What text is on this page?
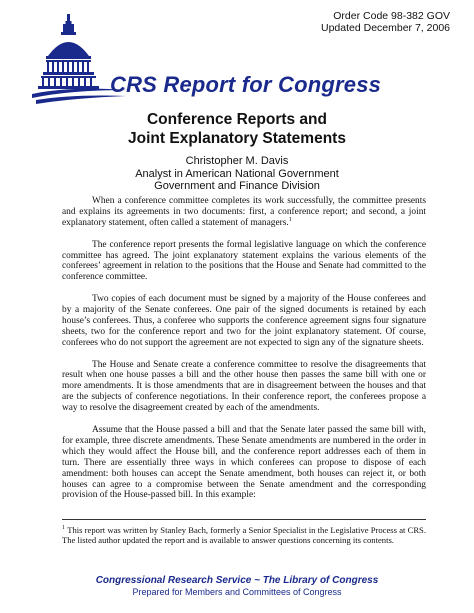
Order Code 98-382 GOV
Updated December 7, 2006
CRS Report for Congress
Conference Reports and
Joint Explanatory Statements
Christopher M. Davis
Analyst in American National Government
Government and Finance Division

When a conference committee completes its work successfully, the committee presents and explains its agreements in two documents: first, a conference report; and second, a joint explanatory statement, often called a statement of managers.$^1$

The conference report presents the formal legislative language on which the conference committee has agreed. The joint explanatory statement explains the various elements of the conferees’ agreement in relation to the positions that the House and Senate had committed to the conference committee.

Two copies of each document must be signed by a majority of the House conferees and by a majority of the Senate conferees. One pair of the signed documents is retained by each house’s conferees. Thus, a conferee who supports the conference agreement signs four signature sheets, two for the conference report and two for the joint explanatory statement. Of course, conferees who do not support the agreement are not expected to sign any of the signature sheets.

The House and Senate create a conference committee to resolve the disagreements that result when one house passes a bill and the other house then passes the same bill with one or more amendments. It is those amendments that are in disagreement between the houses and that are the subjects of conference negotiations. In their conference report, the conferees propose a way to resolve the disagreement created by each of the amendments.

Assume that the House passed a bill and that the Senate later passed the same bill with, for example, three discrete amendments. These Senate amendments are numbered in the order in which they would affect the House bill, and the conference report addresses each of them in turn. There are essentially three ways in which conferees can propose to dispose of each amendment: both houses can accept the Senate amendment, both houses can reject it, or both houses can agree to a compromise between the Senate amendment and the corresponding provision of the House-passed bill. In this example:

$^1$ This report was written by Stanley Bach, formerly a Senior Specialist in the Legislative Process at CRS. The listed author updated the report and is available to answer questions concerning its contents.
Congressional Research Service ~ The Library of Congress
Prepared for Members and Committees of Congress
